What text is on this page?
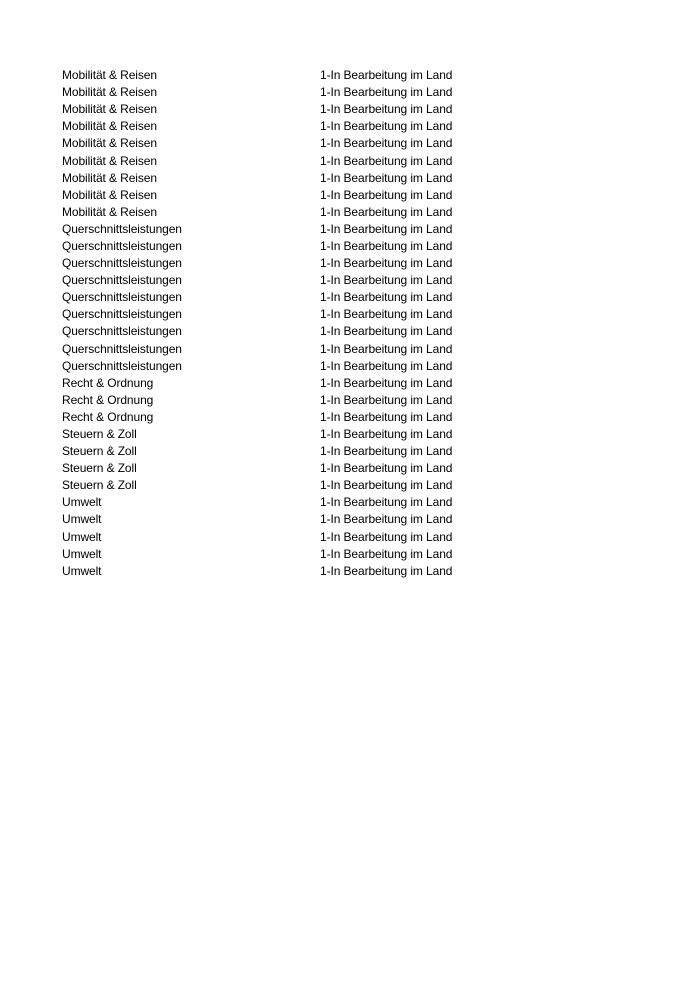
Mobilität & Reisen	1-In Bearbeitung im Land
Mobilität & Reisen	1-In Bearbeitung im Land
Mobilität & Reisen	1-In Bearbeitung im Land
Mobilität & Reisen	1-In Bearbeitung im Land
Mobilität & Reisen	1-In Bearbeitung im Land
Mobilität & Reisen	1-In Bearbeitung im Land
Mobilität & Reisen	1-In Bearbeitung im Land
Mobilität & Reisen	1-In Bearbeitung im Land
Mobilität & Reisen	1-In Bearbeitung im Land
Querschnittsleistungen	1-In Bearbeitung im Land
Querschnittsleistungen	1-In Bearbeitung im Land
Querschnittsleistungen	1-In Bearbeitung im Land
Querschnittsleistungen	1-In Bearbeitung im Land
Querschnittsleistungen	1-In Bearbeitung im Land
Querschnittsleistungen	1-In Bearbeitung im Land
Querschnittsleistungen	1-In Bearbeitung im Land
Querschnittsleistungen	1-In Bearbeitung im Land
Querschnittsleistungen	1-In Bearbeitung im Land
Recht & Ordnung	1-In Bearbeitung im Land
Recht & Ordnung	1-In Bearbeitung im Land
Recht & Ordnung	1-In Bearbeitung im Land
Steuern & Zoll	1-In Bearbeitung im Land
Steuern & Zoll	1-In Bearbeitung im Land
Steuern & Zoll	1-In Bearbeitung im Land
Steuern & Zoll	1-In Bearbeitung im Land
Umwelt	1-In Bearbeitung im Land
Umwelt	1-In Bearbeitung im Land
Umwelt	1-In Bearbeitung im Land
Umwelt	1-In Bearbeitung im Land
Umwelt	1-In Bearbeitung im Land
